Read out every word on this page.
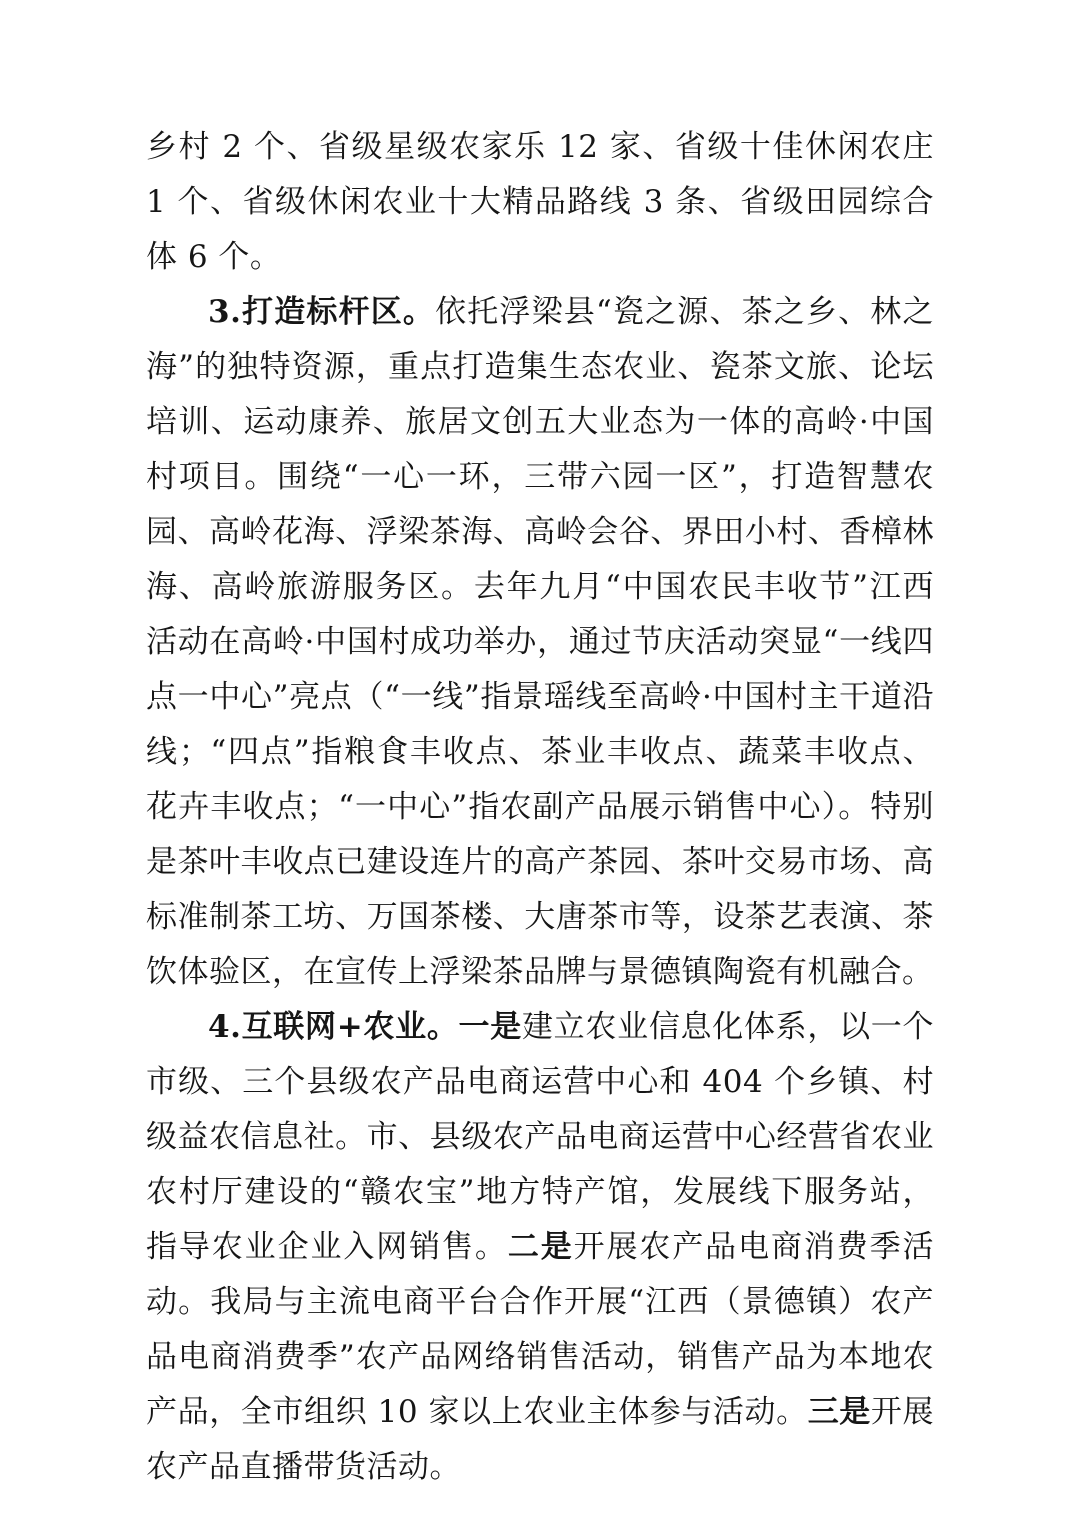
乡村 2 个、省级星级农家乐 12 家、省级十佳休闲农庄 1 个、省级休闲农业十大精品路线 3 条、省级田园综合体 6 个。

3.打造标杆区。依托浮梁县“瓷之源、茶之乡、林之海”的独特资源，重点打造集生态农业、瓷茶文旅、论坛培训、运动康养、旅居文创五大业态为一体的高岭·中国村项目。围绕“一心一环，三带六园一区”，打造智慧农园、高岭花海、浮梁茶海、高岭会谷、界田小村、香樟林海、高岭旅游服务区。去年九月“中国农民丰收节”江西活动在高岭·中国村成功举办，通过节庆活动突显“一线四点一中心”亮点（“一线”指景瑶线至高岭·中国村主干道沿线；“四点”指粮食丰收点、茶业丰收点、蔬菜丰收点、花卉丰收点；“一中心”指农副产品展示销售中心）。特别是茶叶丰收点已建设连片的高产茶园、茶叶交易市场、高标准制茶工坊、万国茶楼、大唐茶市等，设茶艺表演、茶饮体验区，在宣传上浮梁茶品牌与景德镇陶瓷有机融合。

4.互联网+农业。一是建立农业信息化体系，以一个市级、三个县级农产品电商运营中心和 404 个乡镇、村级益农信息社。市、县级农产品电商运营中心经营省农业农村厅建设的“赣农宝”地方特产馆，发展线下服务站，指导农业企业入网销售。二是开展农产品电商消费季活动。我局与主流电商平台合作开展“江西（景德镇）农产品电商消费季”农产品网络销售活动，销售产品为本地农产品，全市组织 10 家以上农业主体参与活动。三是开展农产品直播带货活动。
